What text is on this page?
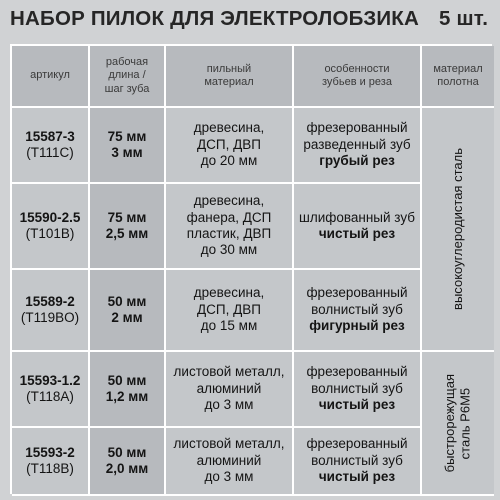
НАБОР ПИЛОК ДЛЯ ЭЛЕКТРОЛОБЗИКА 5 шт.
артикул
рабочая
длина /
шаг зуба
пильный
материал
особенности
зубьев и реза
материал
полотна
15587-3
(T111C)
75 мм
3 мм
древесина,
ДСП, ДВП
до 20 мм
фрезерованный
разведенный зуб
грубый рез	высокоуглеродистая сталь
15590-2.5
(T101B)
75 мм
2,5 мм
древесина,
фанера, ДСП
пластик, ДВП
до 30 мм
шлифованный зуб
чистый рез
15589-2
(T119BO)
50 мм
2 мм
древесина,
ДСП, ДВП
до 15 мм
фрезерованный
волнистый зуб
фигурный рез
15593-1.2
(T118A)
50 мм
1,2 мм
листовой металл,
алюминий
до 3 мм
фрезерованный
волнистый зуб
чистый рез	быстрорежущая сталь Р6М5
15593-2
(T118B)
50 мм
2,0 мм
листовой металл,
алюминий
до 3 мм
фрезерованный
волнистый зуб
чистый рез
